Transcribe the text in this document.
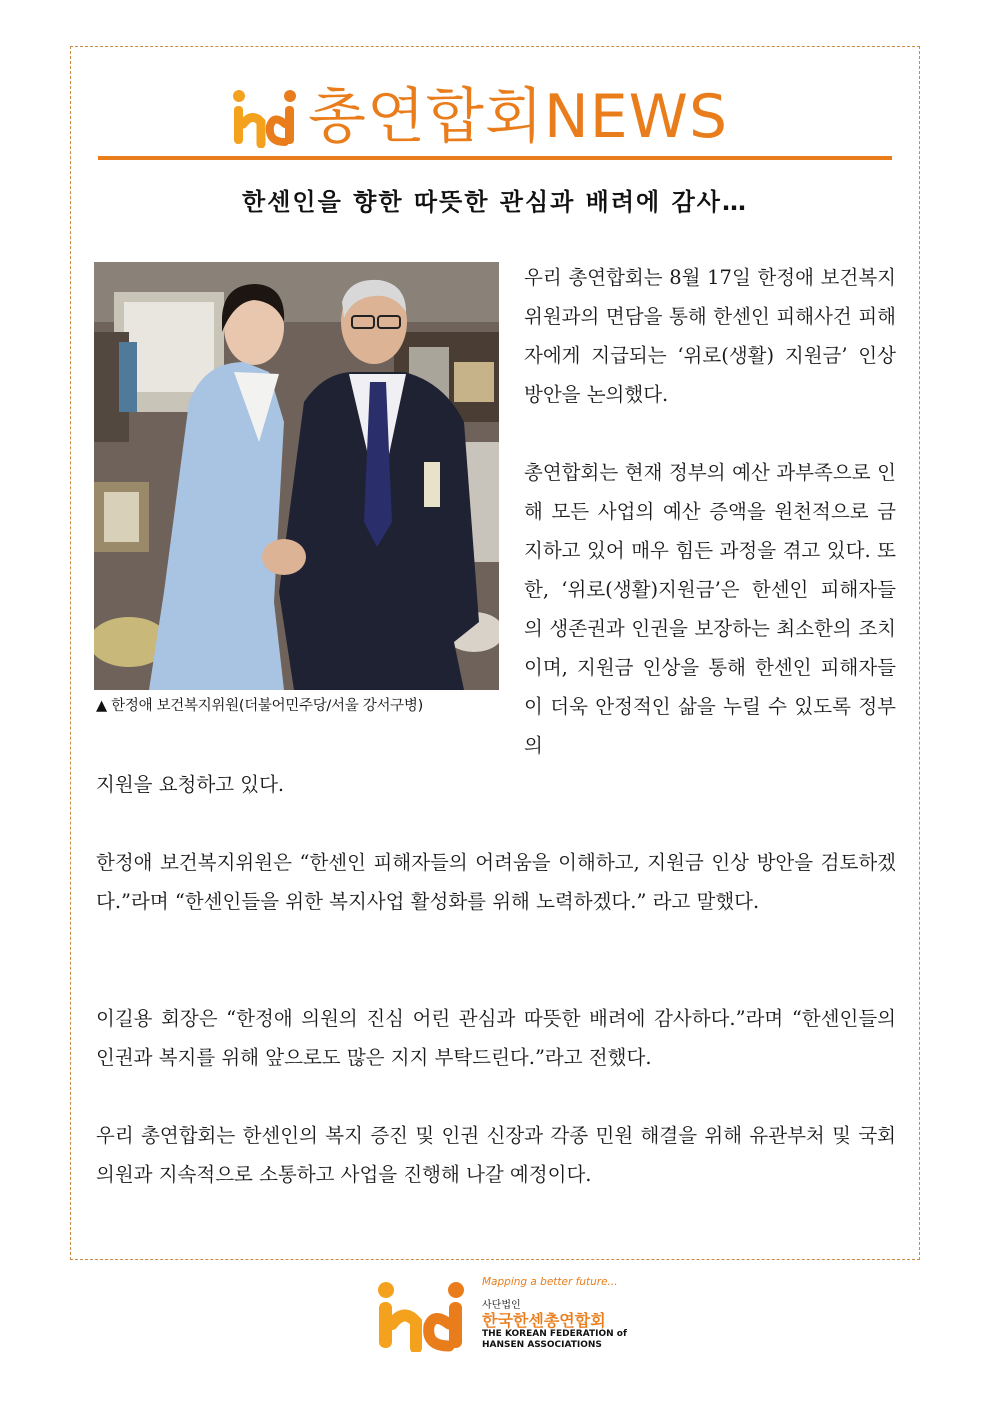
총연합회NEWS
한센인을 향한 따뜻한 관심과 배려에 감사…
▲ 한정애 보건복지위원(더불어민주당/서울 강서구병)
우리 총연합회는 8월 17일 한정애 보건복지위원과의 면담을 통해 한센인 피해사건 피해자에게 지급되는 ‘위로(생활) 지원금’ 인상 방안을 논의했다.
총연합회는 현재 정부의 예산 과부족으로 인해 모든 사업의 예산 증액을 원천적으로 금지하고 있어 매우 힘든 과정을 겪고 있다. 또한, ‘위로(생활)지원금’은 한센인 피해자들의 생존권과 인권을 보장하는 최소한의 조치이며, 지원금 인상을 통해 한센인 피해자들이 더욱 안정적인 삶을 누릴 수 있도록 정부의
지원을 요청하고 있다.
한정애 보건복지위원은 “한센인 피해자들의 어려움을 이해하고, 지원금 인상 방안을 검토하겠다.”라며 “한센인들을 위한 복지사업 활성화를 위해 노력하겠다.” 라고 말했다.
이길용 회장은 “한정애 의원의 진심 어린 관심과 따뜻한 배려에 감사하다.”라며 “한센인들의 인권과 복지를 위해 앞으로도 많은 지지 부탁드린다.”라고 전했다.
우리 총연합회는 한센인의 복지 증진 및 인권 신장과 각종 민원 해결을 위해 유관부처 및 국회의원과 지속적으로 소통하고 사업을 진행해 나갈 예정이다.
Mapping a better future...
사단법인
한국한센총연합회
THE KOREAN FEDERATION of
HANSEN ASSOCIATIONS
